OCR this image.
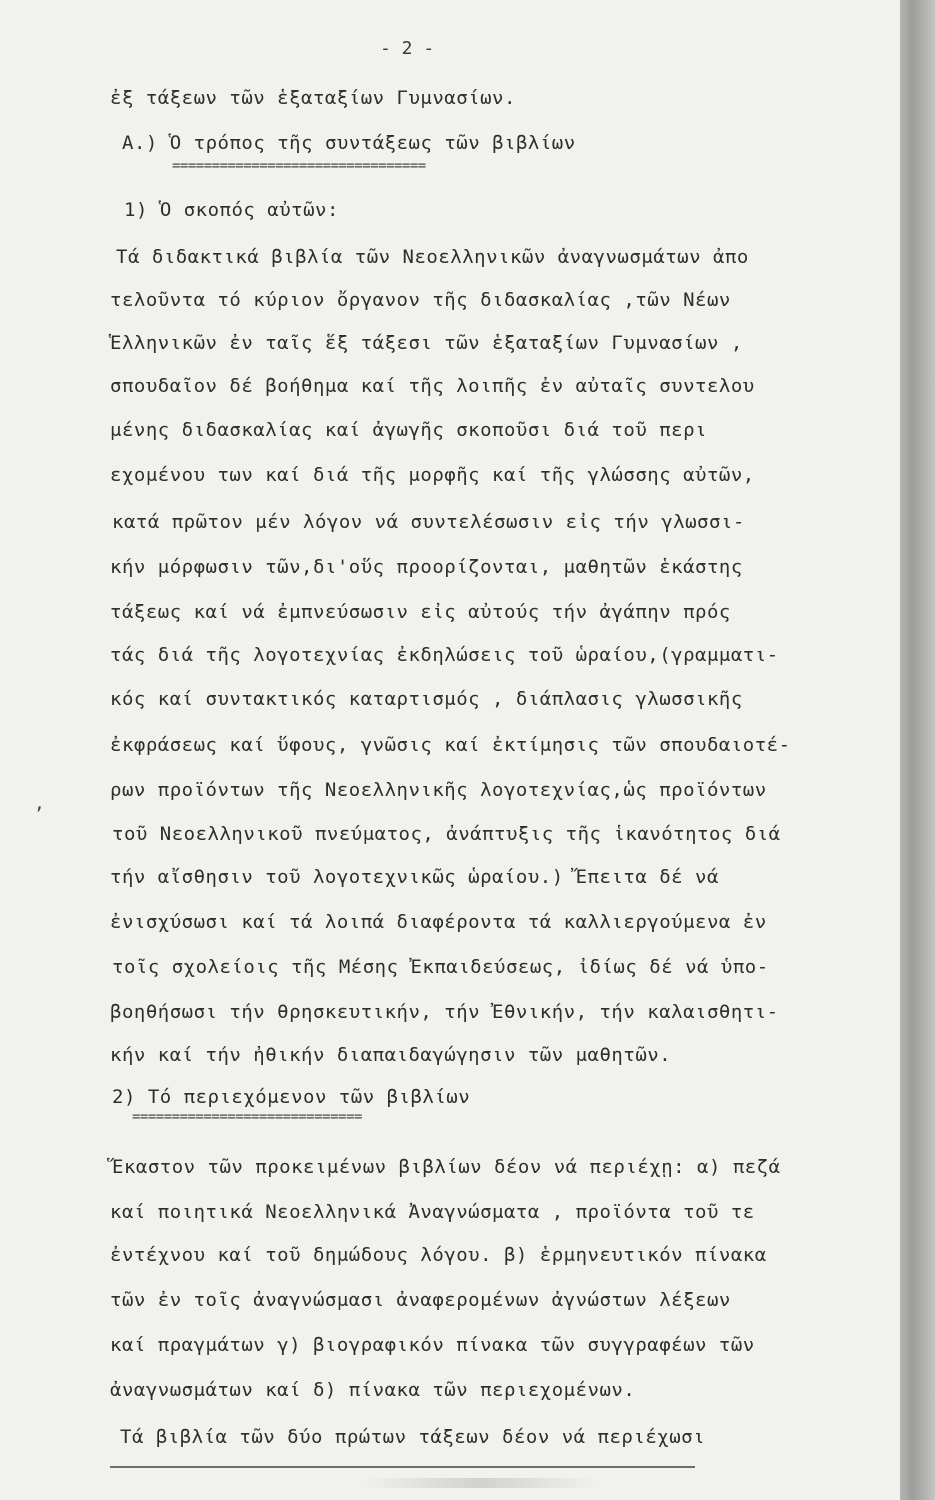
- 2 -
ἐξ τάξεων τῶν ἑξαταξίων Γυμνασίων.
Α.) Ὁ τρόπος τῆς συντάξεως τῶν βιβλίων
================================
1) Ὁ σκοπός αὐτῶν:
Τά διδακτικά βιβλία τῶν Νεοελληνικῶν ἀναγνωσμάτων ἀπο
τελοῦντα τό κύριον ὄργανον τῆς διδασκαλίας ,τῶν Νέων
Ἑλληνικῶν ἐν ταῖς ἕξ τάξεσι τῶν ἑξαταξίων Γυμνασίων ,
σπουδαῖον δέ βοήθημα καί τῆς λοιπῆς ἐν αὐταῖς συντελου
μένης διδασκαλίας καί ἀγωγῆς σκοποῦσι διά τοῦ περι
εχομένου των καί διά τῆς μορφῆς καί τῆς γλώσσης αὐτῶν,
κατά πρῶτον μέν λόγον νά συντελέσωσιν εἰς τήν γλωσσι-
κήν μόρφωσιν τῶν,δι'οὕς προορίζονται, μαθητῶν ἑκάστης
τάξεως καί νά ἐμπνεύσωσιν εἰς αὐτούς τήν ἀγάπην πρός
τάς διά τῆς λογοτεχνίας ἐκδηλώσεις τοῦ ὡραίου,(γραμματι-
κός καί συντακτικός καταρτισμός , διάπλασις γλωσσικῆς
ἐκφράσεως καί ὕφους, γνῶσις καί ἐκτίμησις τῶν σπουδαιοτέ-
ρων προϊόντων τῆς Νεοελληνικῆς λογοτεχνίας,ὡς προϊόντων
τοῦ Νεοελληνικοῦ πνεύματος, ἀνάπτυξις τῆς ἱκανότητος διά
τήν αἴσθησιν τοῦ λογοτεχνικῶς ὡραίου.) Ἔπειτα δέ νά
ἐνισχύσωσι καί τά λοιπά διαφέροντα τά καλλιεργούμενα ἐν
τοῖς σχολείοις τῆς Μέσης Ἐκπαιδεύσεως, ἰδίως δέ νά ὑπο-
βοηθήσωσι τήν θρησκευτικήν, τήν Ἐθνικήν, τήν καλαισθητι-
κήν καί τήν ἠθικήν διαπαιδαγώγησιν τῶν μαθητῶν.
2) Τό περιεχόμενον τῶν βιβλίων
=============================
Ἕκαστον τῶν προκειμένων βιβλίων δέον νά περιέχῃ: α) πεζά
καί ποιητικά Νεοελληνικά Ἀναγνώσματα , προϊόντα τοῦ τε
ἐντέχνου καί τοῦ δημώδους λόγου. β) ἑρμηνευτικόν πίνακα
τῶν ἐν τοῖς ἀναγνώσμασι ἀναφερομένων ἀγνώστων λέξεων
καί πραγμάτων γ) βιογραφικόν πίνακα τῶν συγγραφέων τῶν
ἀναγνωσμάτων καί δ) πίνακα τῶν περιεχομένων.
Τά βιβλία τῶν δύο πρώτων τάξεων δέον νά περιέχωσι
,
